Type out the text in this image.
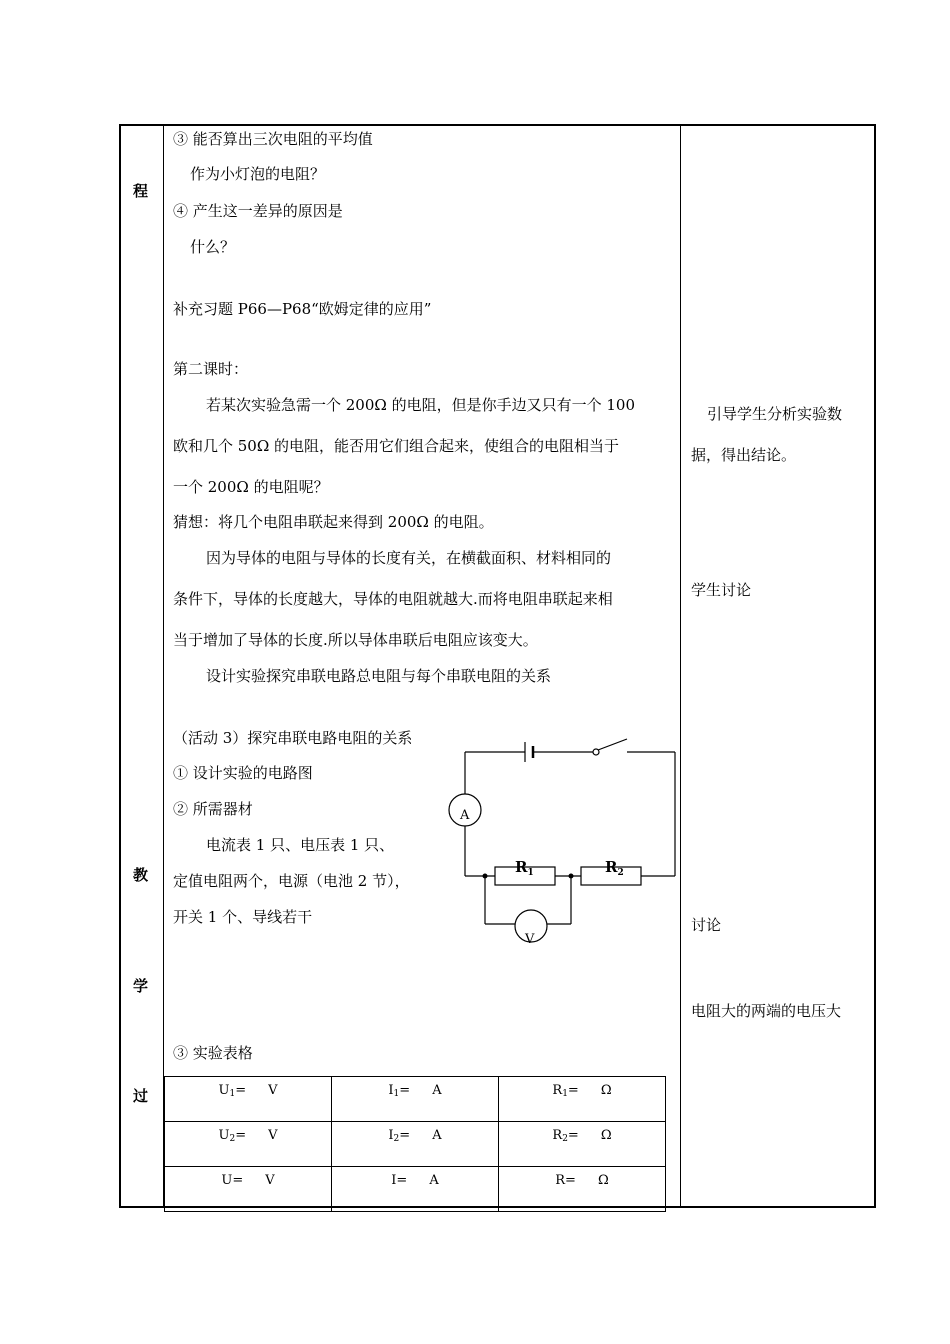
程
教
学
过
③ 能否算出三次电阻的平均值
作为小灯泡的电阻？
④ 产生这一差异的原因是
什么？
补充习题 P66—P68“欧姆定律的应用”
第二课时：
若某次实验急需一个 200Ω 的电阻，但是你手边又只有一个 100
欧和几个 50Ω 的电阻，能否用它们组合起来，使组合的电阻相当于
一个 200Ω 的电阻呢？
猜想：将几个电阻串联起来得到 200Ω 的电阻。
因为导体的电阻与导体的长度有关，在横截面积、材料相同的
条件下，导体的长度越大，导体的电阻就越大.而将电阻串联起来相
当于增加了导体的长度.所以导体串联后电阻应该变大。
设计实验探究串联电路总电阻与每个串联电阻的关系
（活动 3）探究串联电路电阻的关系
① 设计实验的电路图
② 所需器材
电流表 1 只、电压表 1 只、
定值电阻两个，电源（电池 2 节），
开关 1 个、导线若干
③ 实验表格
A
V
$R_1$	$R_2$
U1= V	I1= A	R1= Ω
U2= V	I2= A	R2= Ω
U= V	I= A	R= Ω
引导学生分析实验数
据，得出结论。
学生讨论
讨论
电阻大的两端的电压大
